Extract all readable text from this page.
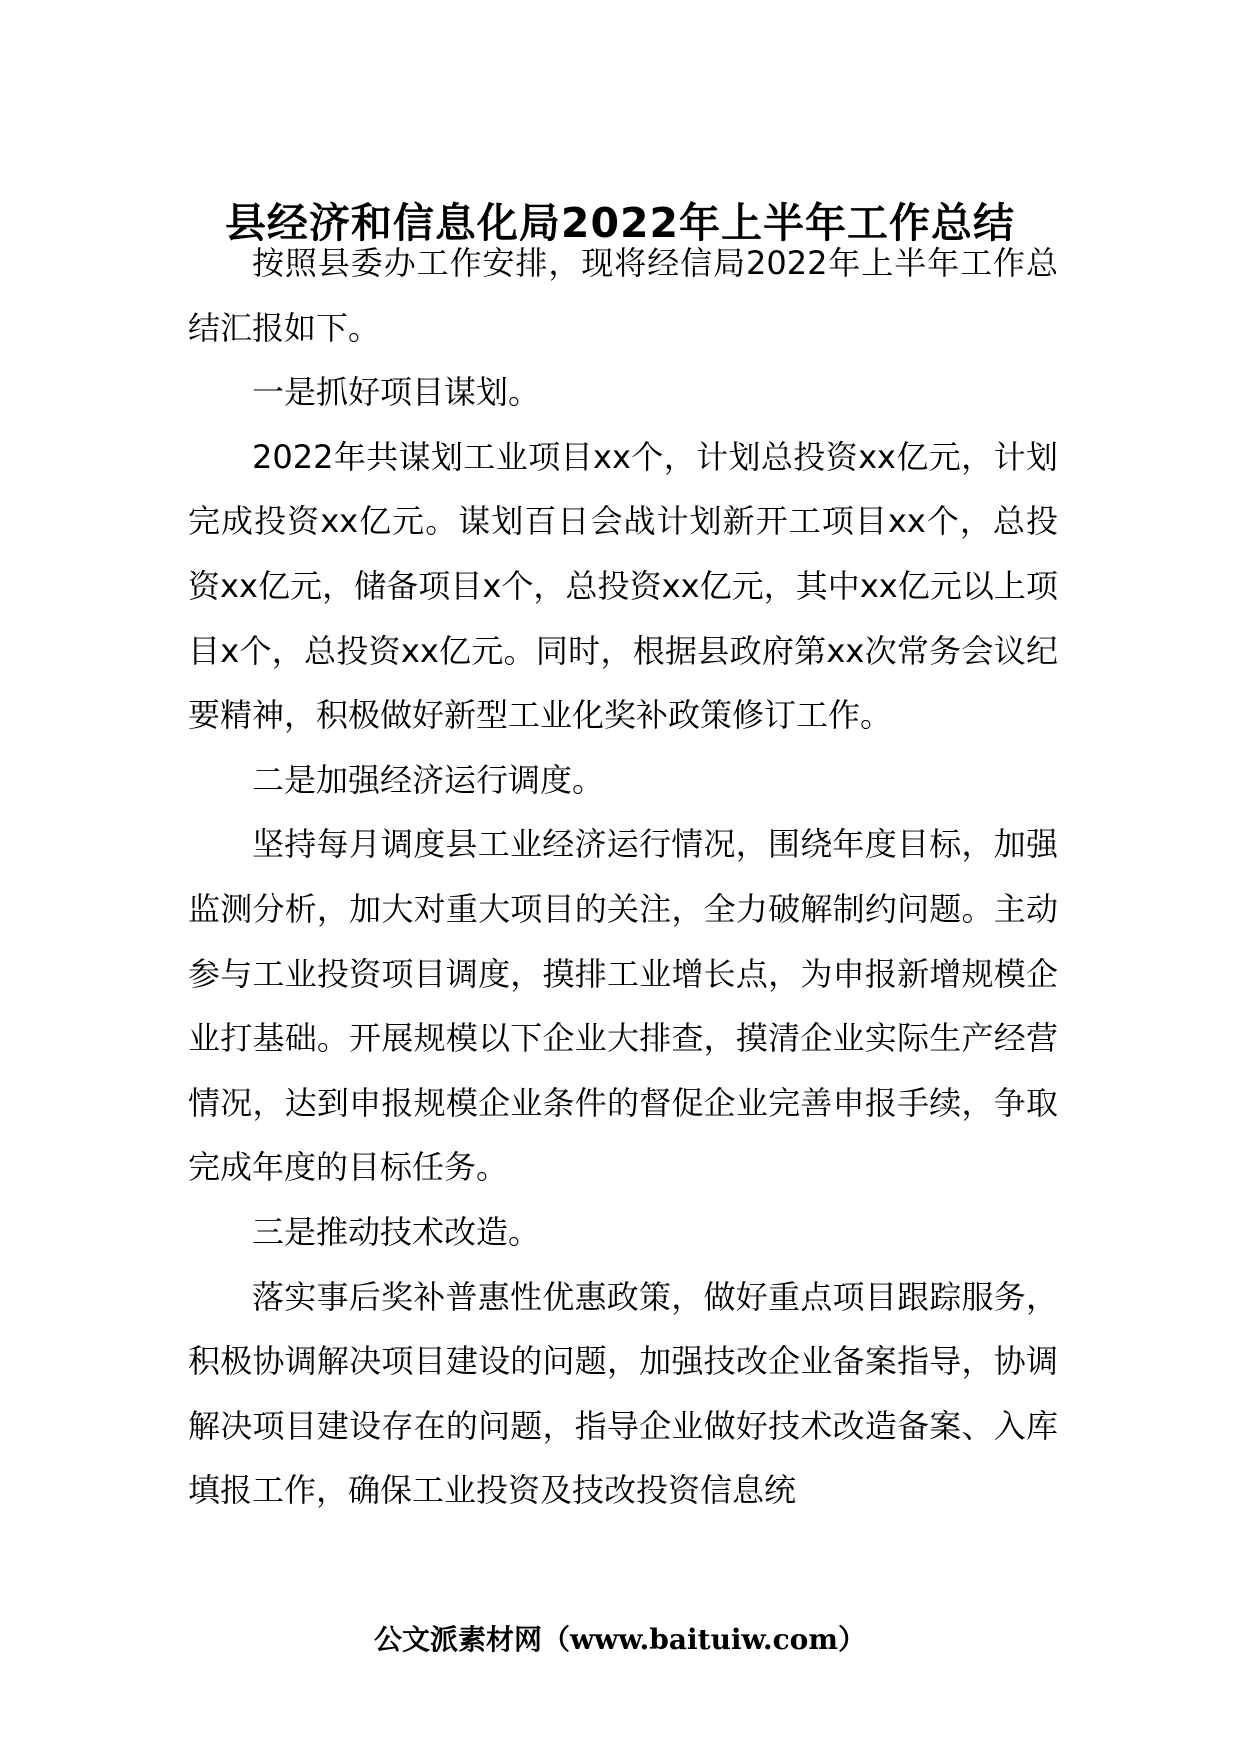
县经济和信息化局2022年上半年工作总结

按照县委办工作安排，现将经信局2022年上半年工作总结汇报如下。

一是抓好项目谋划。

2022年共谋划工业项目xx个，计划总投资xx亿元，计划完成投资xx亿元。谋划百日会战计划新开工项目xx个，总投资xx亿元，储备项目x个，总投资xx亿元，其中xx亿元以上项目x个，总投资xx亿元。同时，根据县政府第xx次常务会议纪要精神，积极做好新型工业化奖补政策修订工作。

二是加强经济运行调度。

坚持每月调度县工业经济运行情况，围绕年度目标，加强监测分析，加大对重大项目的关注，全力破解制约问题。主动参与工业投资项目调度，摸排工业增长点，为申报新增规模企业打基础。开展规模以下企业大排查，摸清企业实际生产经营情况，达到申报规模企业条件的督促企业完善申报手续，争取完成年度的目标任务。

三是推动技术改造。

落实事后奖补普惠性优惠政策，做好重点项目跟踪服务，积极协调解决项目建设的问题，加强技改企业备案指导，协调解决项目建设存在的问题，指导企业做好技术改造备案、入库填报工作，确保工业投资及技改投资信息统

公文派素材网（www.baituiw.com）
